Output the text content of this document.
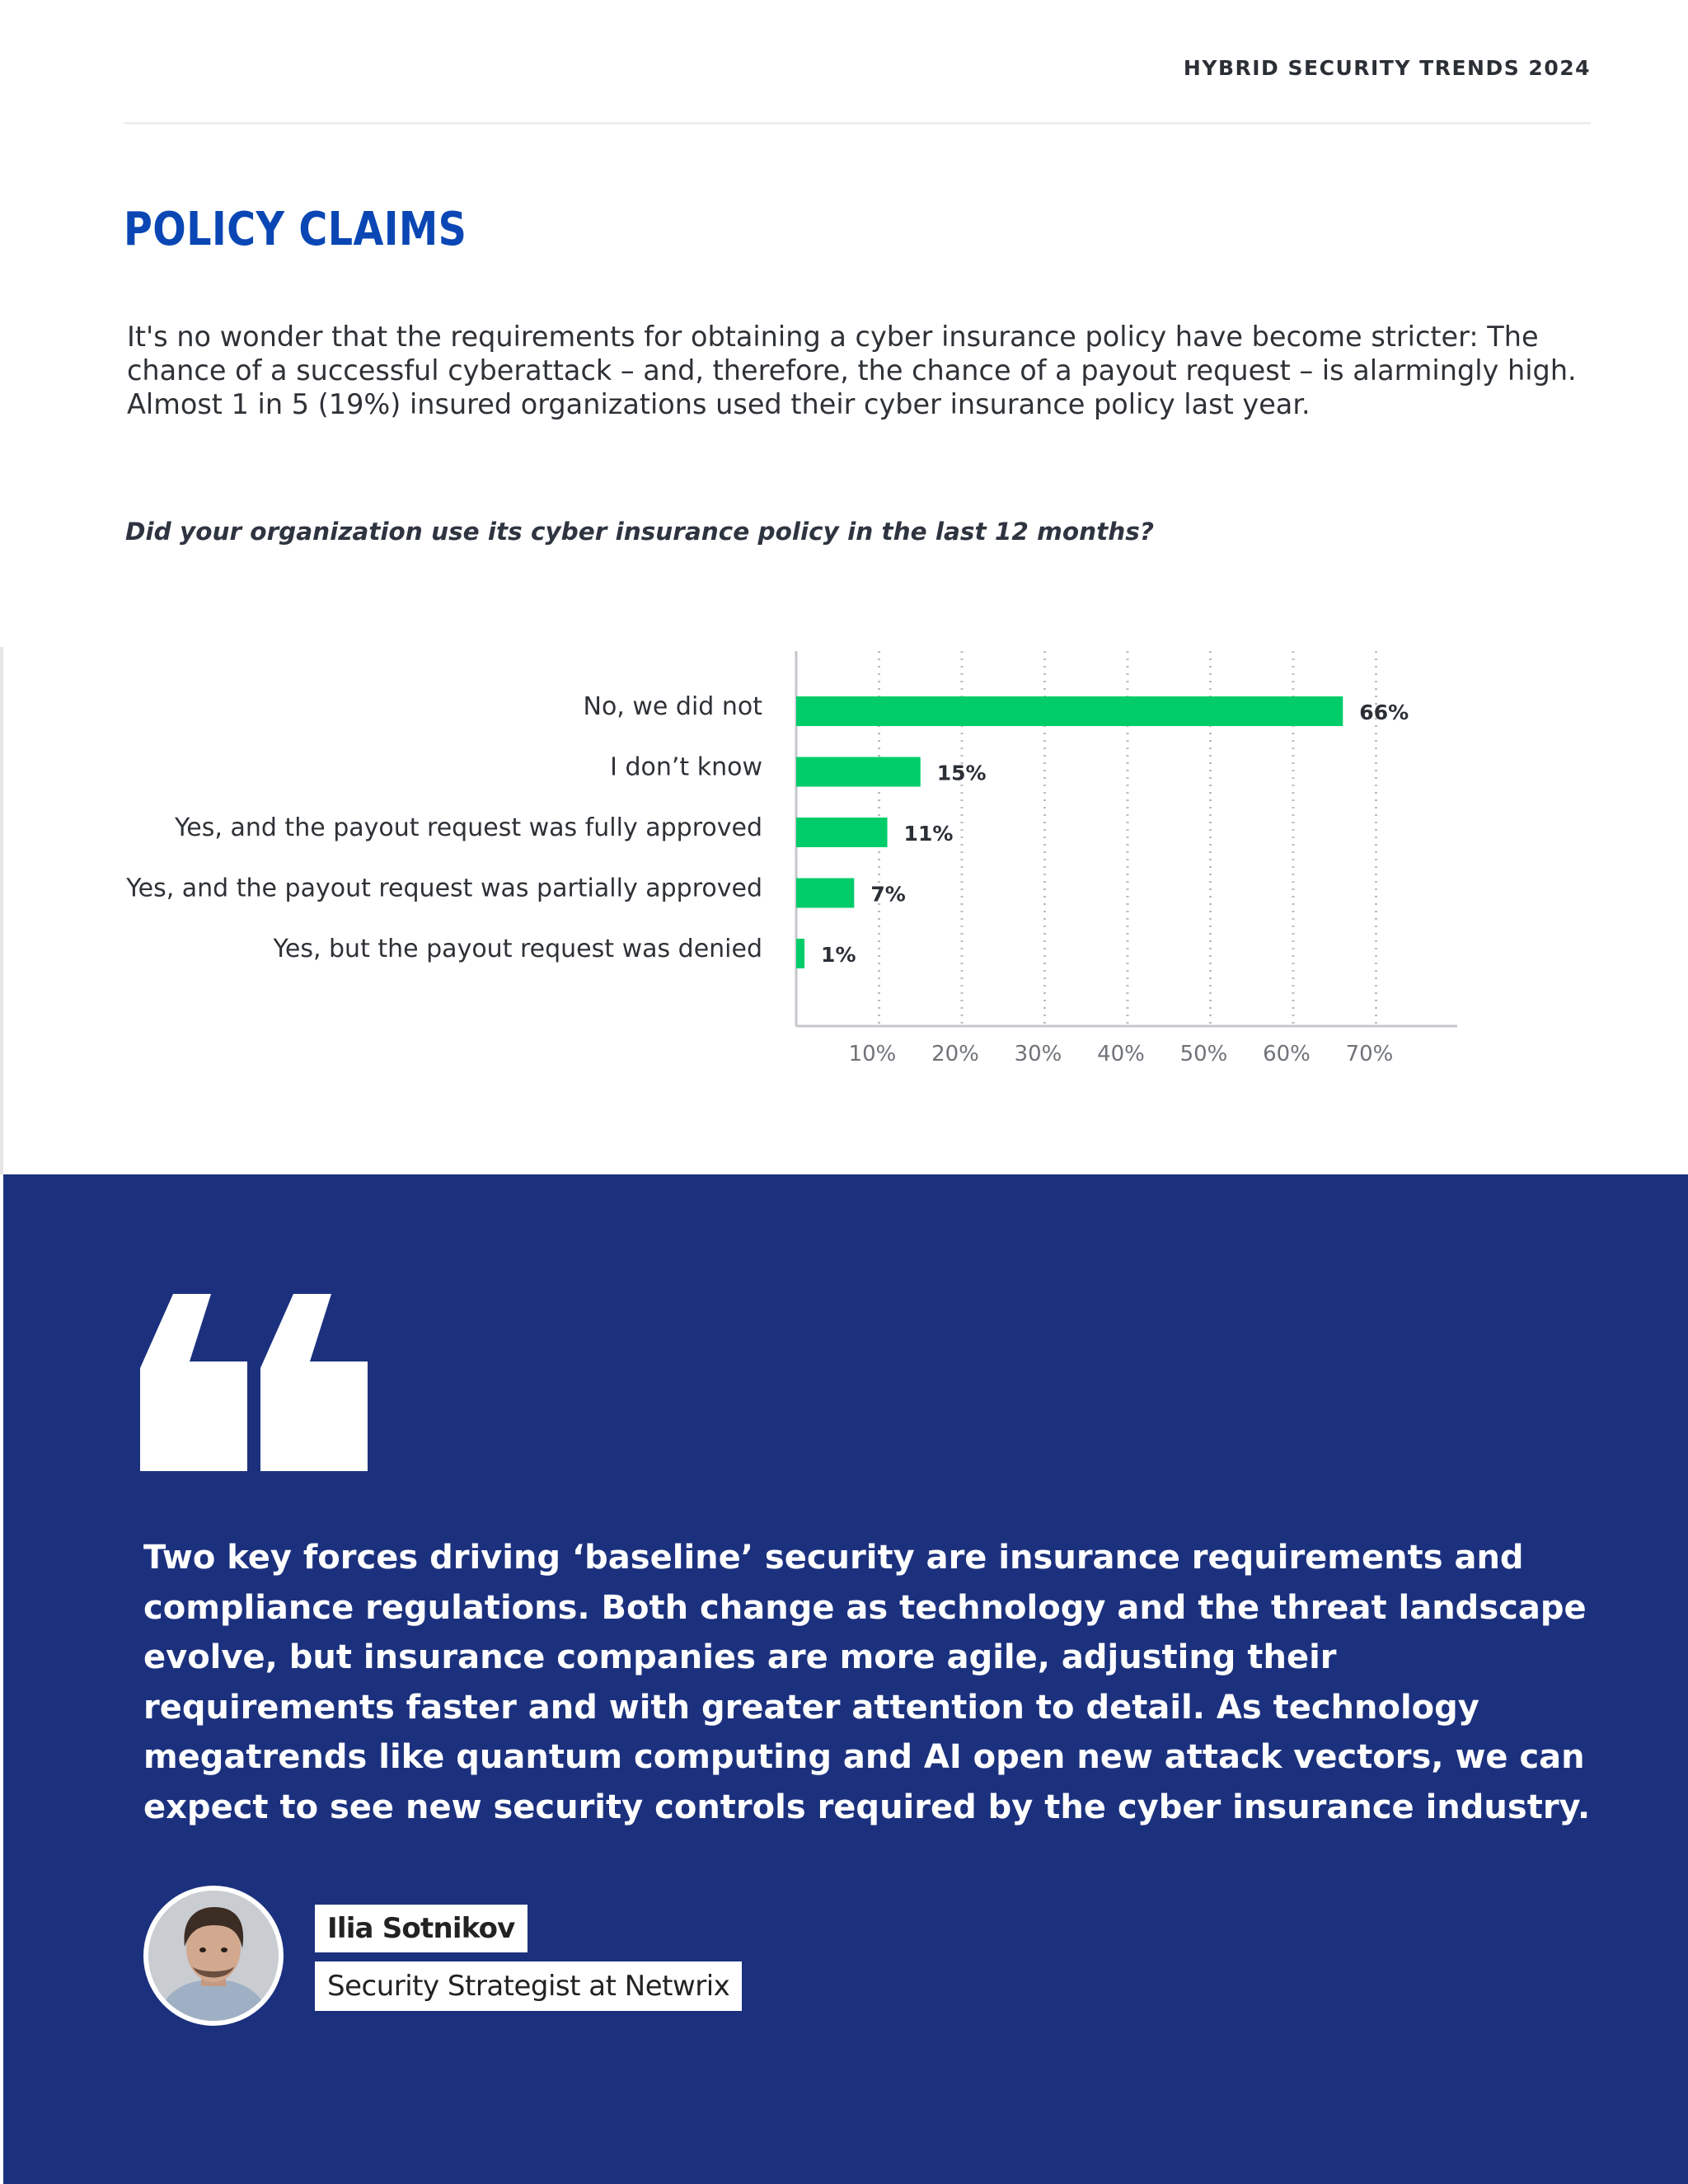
HYBRID SECURITY TRENDS 2024
POLICY CLAIMS

It's no wonder that the requirements for obtaining a cyber insurance policy have become stricter: The chance of a successful cyberattack – and, therefore, the chance of a payout request – is alarmingly high. Almost 1 in 5 (19%) insured organizations used their cyber insurance policy last year.

Did your organization use its cyber insurance policy in the last 12 months?

10% 20% 30% 40% 50% 60% 70%
No, we did not	66%
I don’t know	15%
Yes, and the payout request was fully approved	11%
Yes, and the payout request was partially approved	7%
Yes, but the payout request was denied	1%

Two key forces driving ‘baseline’ security are insurance requirements and compliance regulations. Both change as technology and the threat landscape evolve, but insurance companies are more agile, adjusting their requirements faster and with greater attention to detail. As technology megatrends like quantum computing and AI open new attack vectors, we can expect to see new security controls required by the cyber insurance industry.

Ilia Sotnikov
Security Strategist at Netwrix
